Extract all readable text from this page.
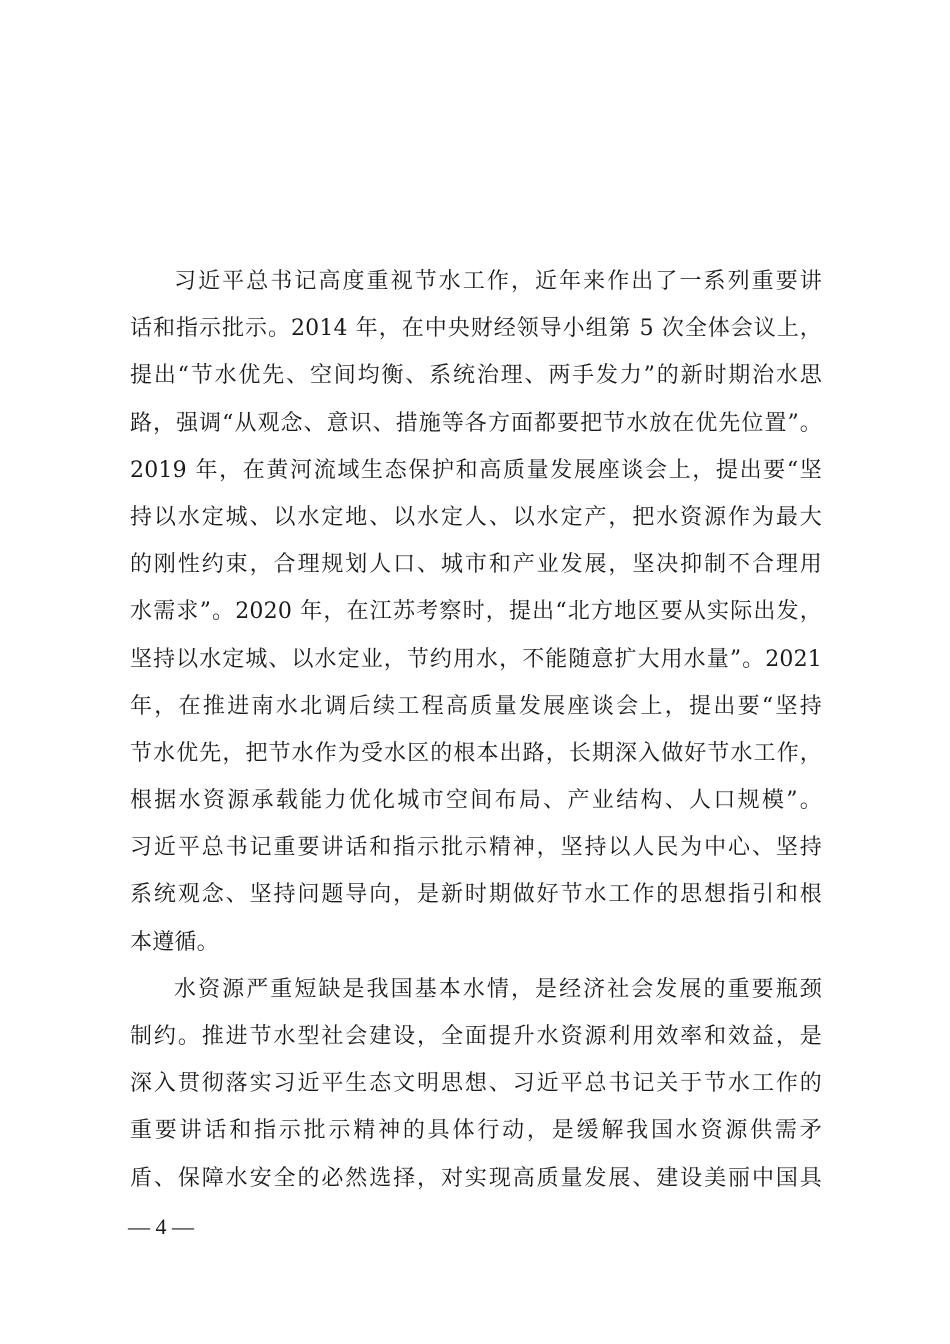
习近平总书记高度重视节水工作，近年来作出了一系列重要讲
话和指示批示。2014 年，在中央财经领导小组第 5 次全体会议上，
提出“节水优先、空间均衡、系统治理、两手发力”的新时期治水思
路，强调“从观念、意识、措施等各方面都要把节水放在优先位置”。
2019 年，在黄河流域生态保护和高质量发展座谈会上，提出要“坚
持以水定城、以水定地、以水定人、以水定产，把水资源作为最大
的刚性约束，合理规划人口、城市和产业发展，坚决抑制不合理用
水需求”。2020 年，在江苏考察时，提出“北方地区要从实际出发，
坚持以水定城、以水定业，节约用水，不能随意扩大用水量”。2021
年，在推进南水北调后续工程高质量发展座谈会上，提出要“坚持
节水优先，把节水作为受水区的根本出路，长期深入做好节水工作，
根据水资源承载能力优化城市空间布局、产业结构、人口规模”。
习近平总书记重要讲话和指示批示精神，坚持以人民为中心、坚持
系统观念、坚持问题导向，是新时期做好节水工作的思想指引和根
本遵循。
水资源严重短缺是我国基本水情，是经济社会发展的重要瓶颈
制约。推进节水型社会建设，全面提升水资源利用效率和效益，是
深入贯彻落实习近平生态文明思想、习近平总书记关于节水工作的
重要讲话和指示批示精神的具体行动，是缓解我国水资源供需矛
盾、保障水安全的必然选择，对实现高质量发展、建设美丽中国具
— 4 —
